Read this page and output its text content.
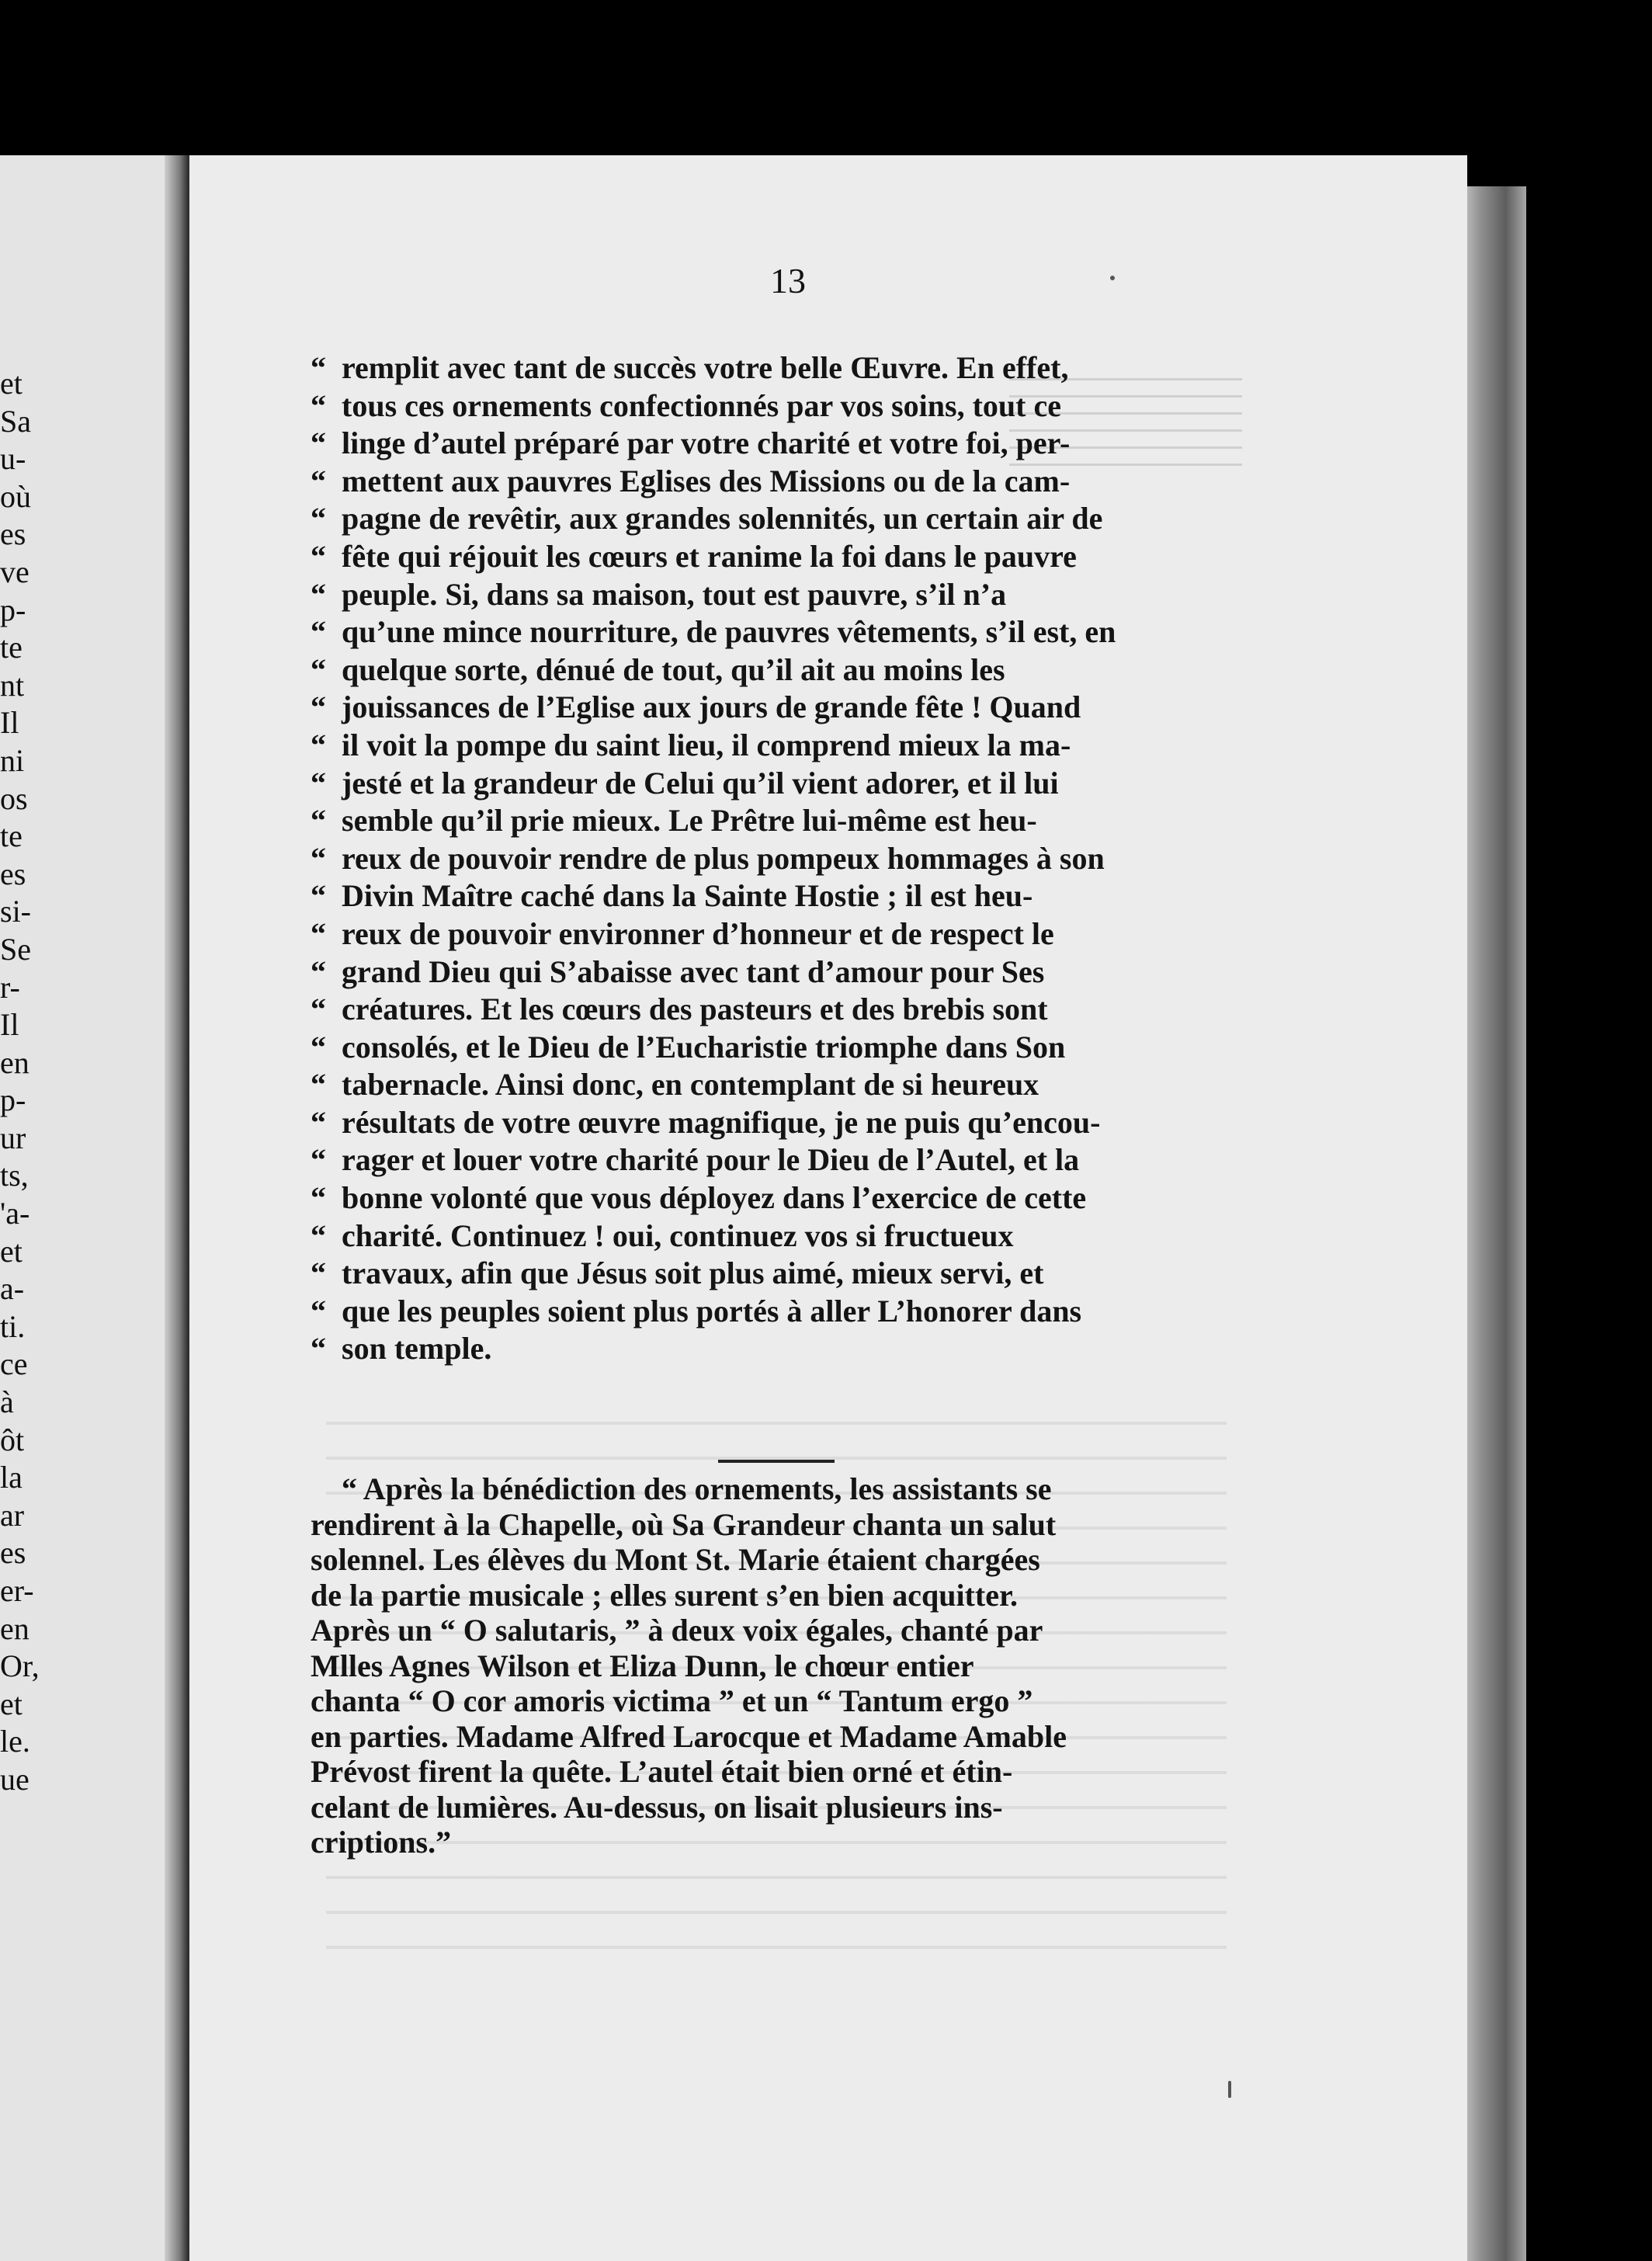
et
Sa
u-
où
es
ve
p-
te
nt
Il
ni
os
te
es
si-
Se
r-
Il
en
p-
ur
ts,
'a-
et
a-
ti.
ce
à
ôt
la
ar
es
er-
en
Or,
et
le.
ue
13
“ remplit avec tant de succès votre belle Œuvre. En effet,
“ tous ces ornements confectionnés par vos soins, tout ce
“ linge d’autel préparé par votre charité et votre foi, per-
“ mettent aux pauvres Eglises des Missions ou de la cam-
“ pagne de revêtir, aux grandes solennités, un certain air de
“ fête qui réjouit les cœurs et ranime la foi dans le pauvre
“ peuple. Si, dans sa maison, tout est pauvre, s’il n’a
“ qu’une mince nourriture, de pauvres vêtements, s’il est, en
“ quelque sorte, dénué de tout, qu’il ait au moins les
“ jouissances de l’Eglise aux jours de grande fête ! Quand
“ il voit la pompe du saint lieu, il comprend mieux la ma-
“ jesté et la grandeur de Celui qu’il vient adorer, et il lui
“ semble qu’il prie mieux. Le Prêtre lui-même est heu-
“ reux de pouvoir rendre de plus pompeux hommages à son
“ Divin Maître caché dans la Sainte Hostie ; il est heu-
“ reux de pouvoir environner d’honneur et de respect le
“ grand Dieu qui S’abaisse avec tant d’amour pour Ses
“ créatures. Et les cœurs des pasteurs et des brebis sont
“ consolés, et le Dieu de l’Eucharistie triomphe dans Son
“ tabernacle. Ainsi donc, en contemplant de si heureux
“ résultats de votre œuvre magnifique, je ne puis qu’encou-
“ rager et louer votre charité pour le Dieu de l’Autel, et la
“ bonne volonté que vous déployez dans l’exercice de cette
“ charité. Continuez ! oui, continuez vos si fructueux
“ travaux, afin que Jésus soit plus aimé, mieux servi, et
“ que les peuples soient plus portés à aller L’honorer dans
“ son temple.
“ Après la bénédiction des ornements, les assistants se
rendirent à la Chapelle, où Sa Grandeur chanta un salut
solennel. Les élèves du Mont St. Marie étaient chargées
de la partie musicale ; elles surent s’en bien acquitter.
Après un “ O salutaris, ” à deux voix égales, chanté par
Mlles Agnes Wilson et Eliza Dunn, le chœur entier
chanta “ O cor amoris victima ” et un “ Tantum ergo ”
en parties. Madame Alfred Larocque et Madame Amable
Prévost firent la quête. L’autel était bien orné et étin-
celant de lumières. Au-dessus, on lisait plusieurs ins-
criptions.”
